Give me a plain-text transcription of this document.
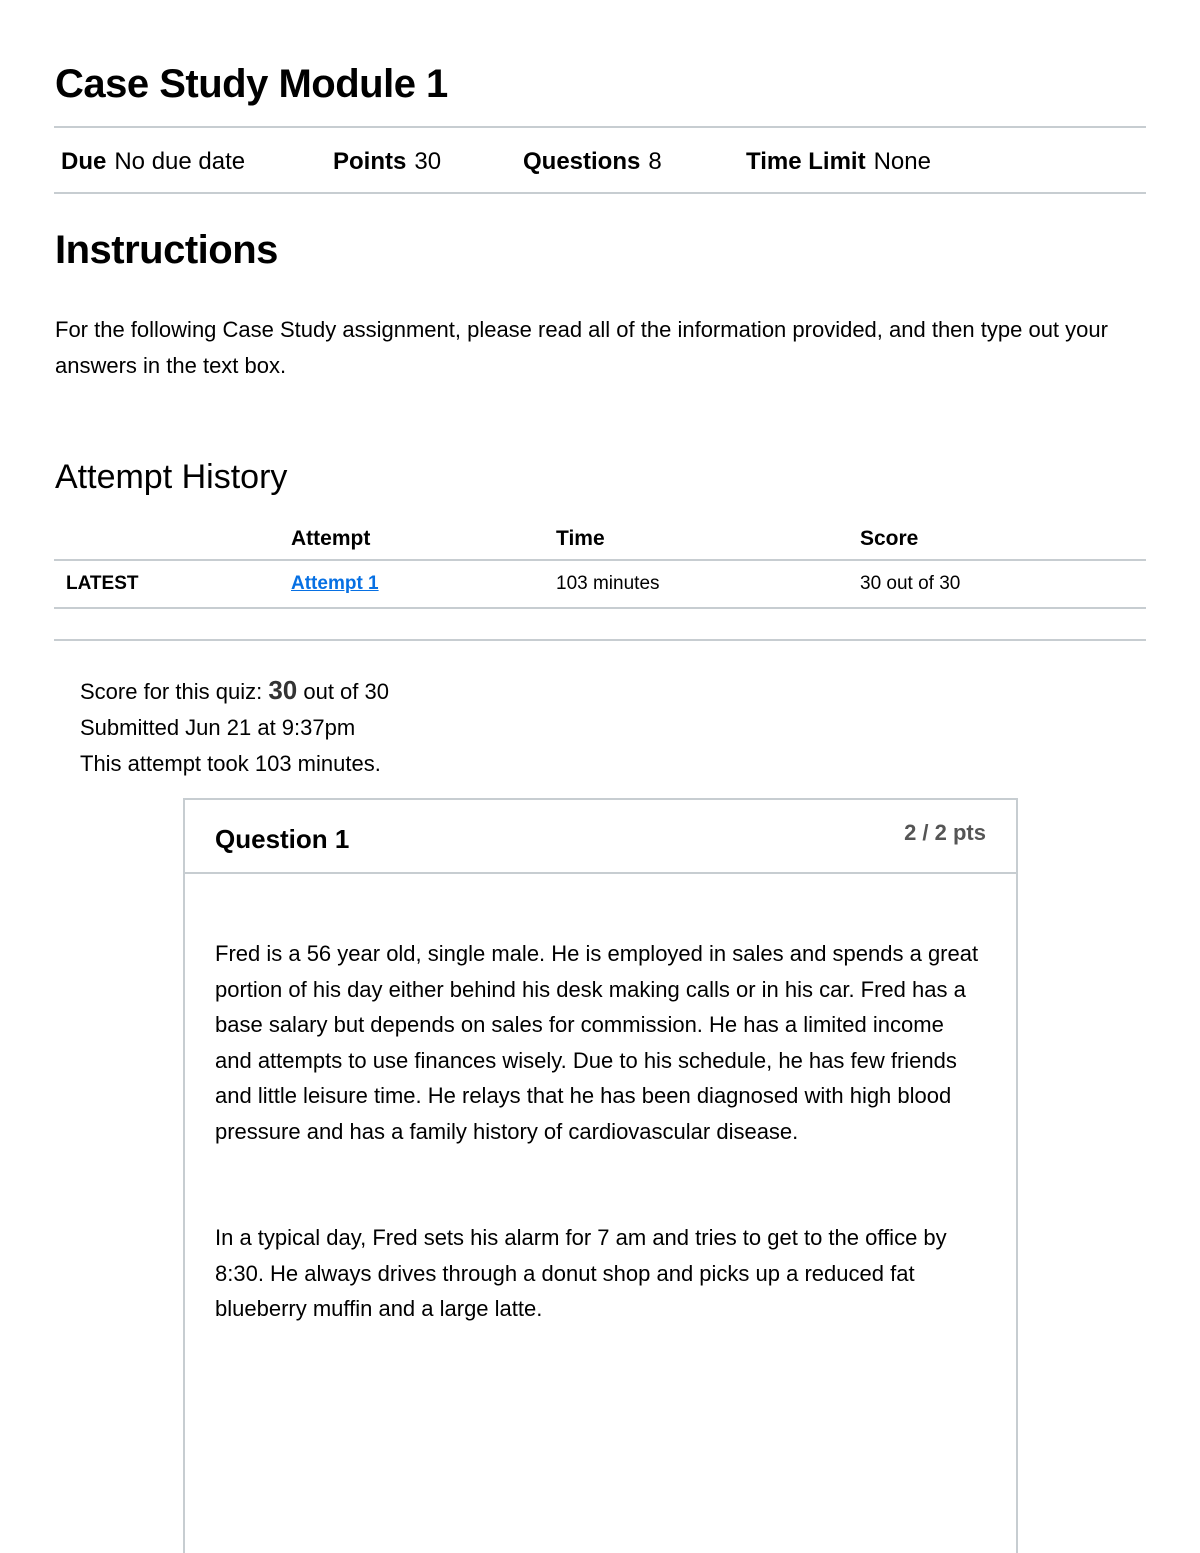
Case Study Module 1
Due No due date	Points 30	Questions 8	Time Limit None
Instructions
For the following Case Study assignment, please read all of the information provided, and then type out your answers in the text box.
Attempt History
	Attempt	Time	Score
LATEST	Attempt 1	103 minutes	30 out of 30
Score for this quiz: 30 out of 30
Submitted Jun 21 at 9:37pm
This attempt took 103 minutes.
Question 1	2 / 2 pts

Fred is a 56 year old, single male. He is employed in sales and spends a great portion of his day either behind his desk making calls or in his car. Fred has a base salary but depends on sales for commission. He has a limited income and attempts to use finances wisely. Due to his schedule, he has few friends and little leisure time. He relays that he has been diagnosed with high blood pressure and has a family history of cardiovascular disease.

In a typical day, Fred sets his alarm for 7 am and tries to get to the office by 8:30. He always drives through a donut shop and picks up a reduced fat blueberry muffin and a large latte.
